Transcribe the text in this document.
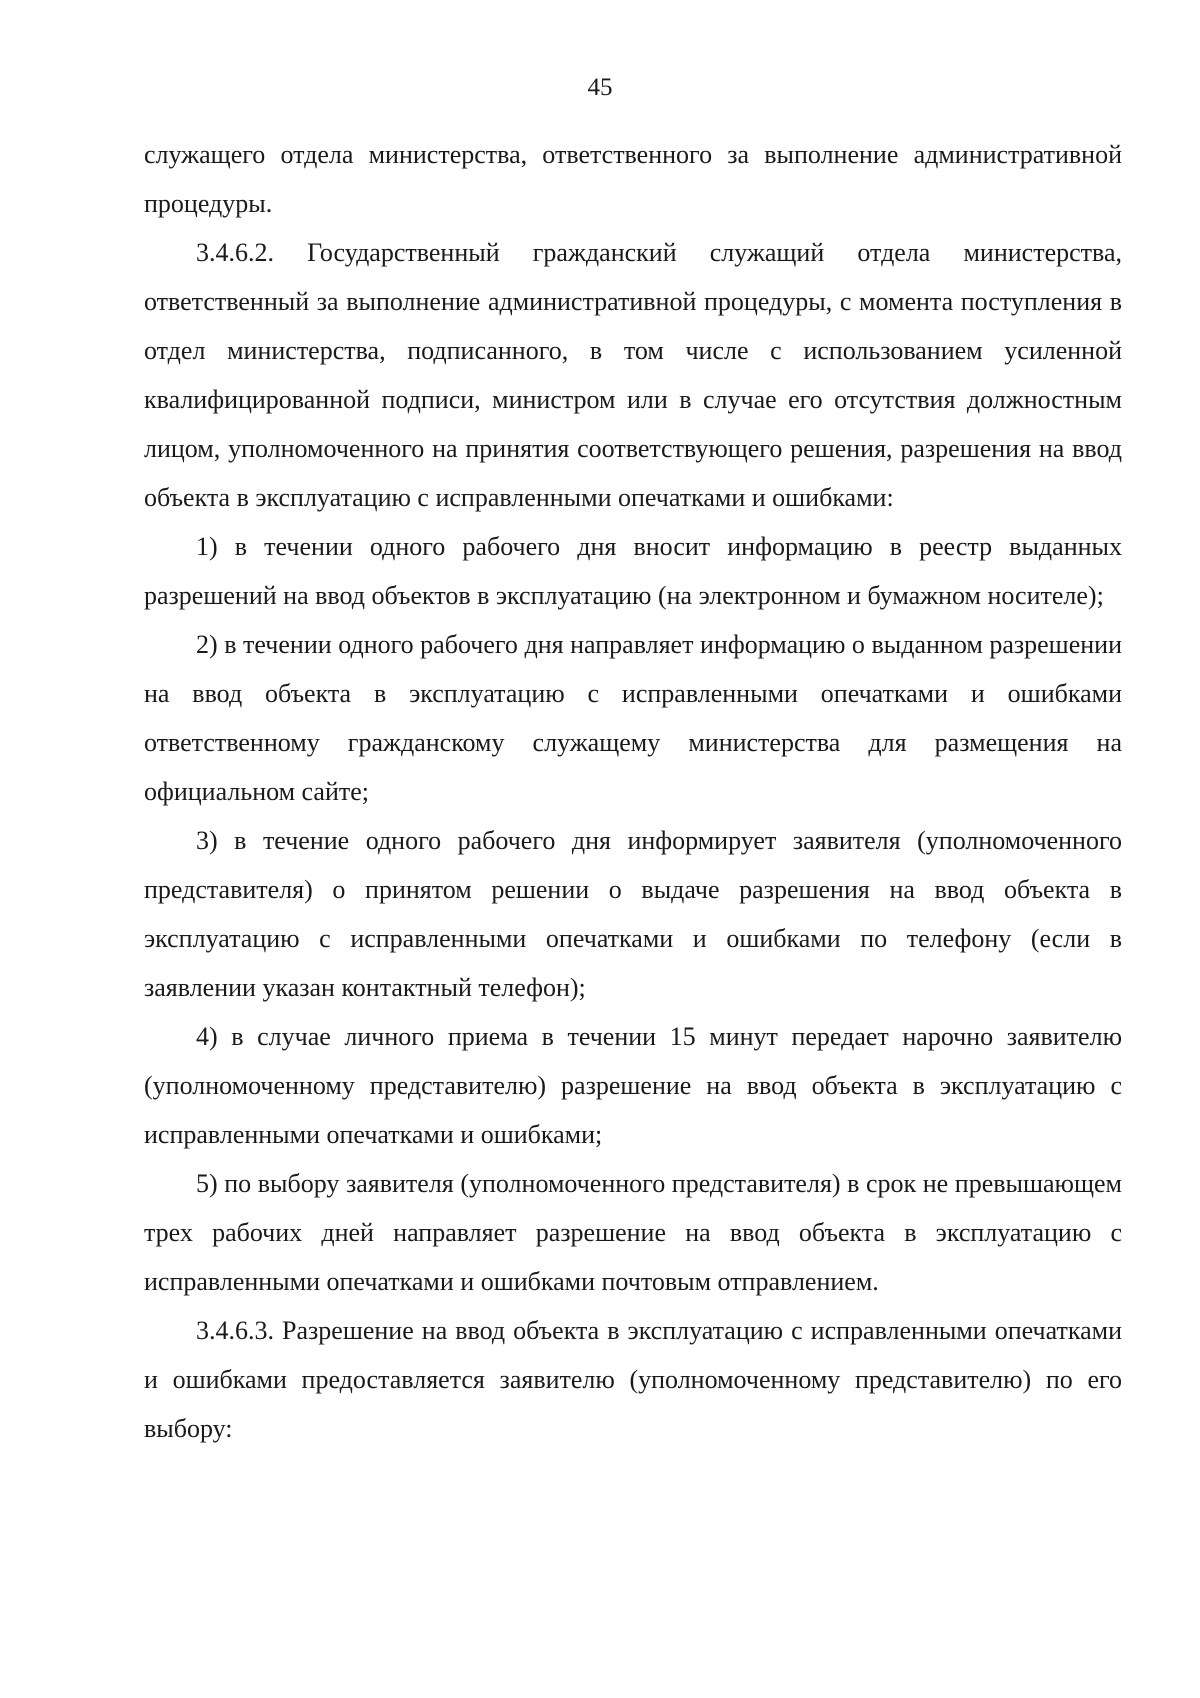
45

служащего отдела министерства, ответственного за выполнение административной процедуры.

3.4.6.2. Государственный гражданский служащий отдела министерства, ответственный за выполнение административной процедуры, с момента поступления в отдел министерства, подписанного, в том числе с использованием усиленной квалифицированной подписи, министром или в случае его отсутствия должностным лицом, уполномоченного на принятия соответствующего решения, разрешения на ввод объекта в эксплуатацию с исправленными опечатками и ошибками:

1) в течении одного рабочего дня вносит информацию в реестр выданных разрешений на ввод объектов в эксплуатацию (на электронном и бумажном носителе);

2) в течении одного рабочего дня направляет информацию о выданном разрешении на ввод объекта в эксплуатацию с исправленными опечатками и ошибками ответственному гражданскому служащему министерства для размещения на официальном сайте;

3) в течение одного рабочего дня информирует заявителя (уполномоченного представителя) о принятом решении о выдаче разрешения на ввод объекта в эксплуатацию с исправленными опечатками и ошибками по телефону (если в заявлении указан контактный телефон);

4) в случае личного приема в течении 15 минут передает нарочно заявителю (уполномоченному представителю) разрешение на ввод объекта в эксплуатацию с исправленными опечатками и ошибками;

5) по выбору заявителя (уполномоченного представителя) в срок не превышающем трех рабочих дней направляет разрешение на ввод объекта в эксплуатацию с исправленными опечатками и ошибками почтовым отправлением.

3.4.6.3. Разрешение на ввод объекта в эксплуатацию с исправленными опечатками и ошибками предоставляется заявителю (уполномоченному представителю) по его выбору:
